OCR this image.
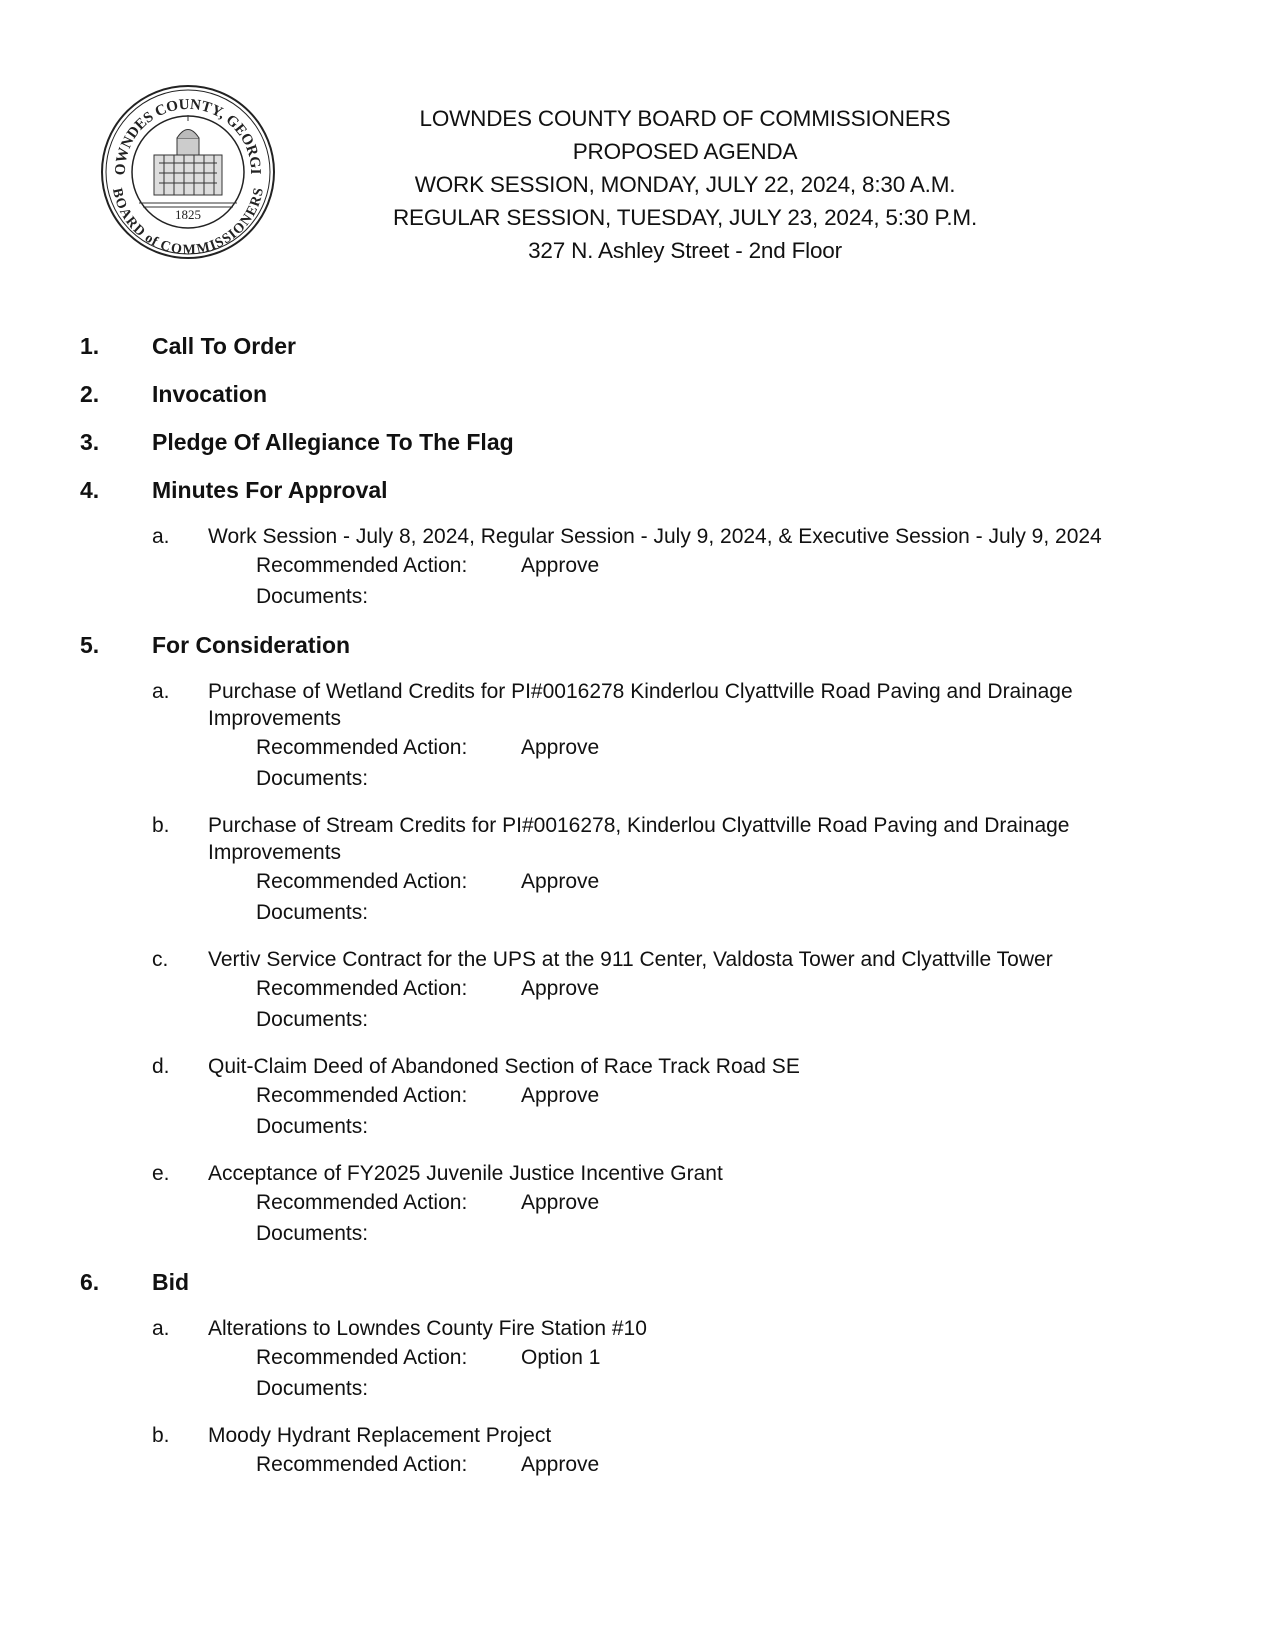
OWNDES COUNTY, GEORGI
BOARD of COMMISSIONERS
1825
LOWNDES COUNTY BOARD OF COMMISSIONERS
PROPOSED AGENDA
WORK SESSION, MONDAY, JULY 22, 2024, 8:30 A.M.
REGULAR SESSION, TUESDAY, JULY 23, 2024, 5:30 P.M.
327 N. Ashley Street - 2nd Floor
1. Call To Order
2. Invocation
3. Pledge Of Allegiance To The Flag
4. Minutes For Approval
a. Work Session - July 8, 2024, Regular Session - July 9, 2024, & Executive Session - July 9, 2024
Recommended Action:	Approve
Documents:
5. For Consideration
a. Purchase of Wetland Credits for PI#0016278 Kinderlou Clyattville Road Paving and Drainage Improvements
Recommended Action:	Approve
Documents:
b. Purchase of Stream Credits for PI#0016278, Kinderlou Clyattville Road Paving and Drainage Improvements
Recommended Action:	Approve
Documents:
c. Vertiv Service Contract for the UPS at the 911 Center, Valdosta Tower and Clyattville Tower
Recommended Action:	Approve
Documents:
d. Quit-Claim Deed of Abandoned Section of Race Track Road SE
Recommended Action:	Approve
Documents:
e. Acceptance of FY2025 Juvenile Justice Incentive Grant
Recommended Action:	Approve
Documents:
6. Bid
a. Alterations to Lowndes County Fire Station #10
Recommended Action:	Option 1
Documents:
b. Moody Hydrant Replacement Project
Recommended Action:	Approve
